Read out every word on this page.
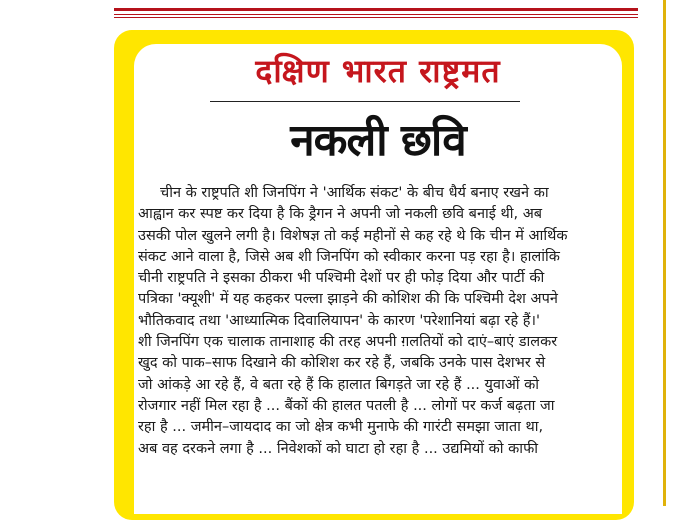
दक्षिण भारत राष्ट्रमत
नकली छवि

चीन के राष्ट्रपति शी जिनपिंग ने 'आर्थिक संकट' के बीच धैर्य बनाए रखने का
आह्वान कर स्पष्ट कर दिया है कि ड्रैगन ने अपनी जो नकली छवि बनाई थी, अब
उसकी पोल खुलने लगी है। विशेषज्ञ तो कई महीनों से कह रहे थे कि चीन में आर्थिक
संकट आने वाला है, जिसे अब शी जिनपिंग को स्वीकार करना पड़ रहा है। हालांकि
चीनी राष्ट्रपति ने इसका ठीकरा भी पश्चिमी देशों पर ही फोड़ दिया और पार्टी की
पत्रिका 'क्यूशी' में यह कहकर पल्ला झाड़ने की कोशिश की कि पश्चिमी देश अपने
भौतिकवाद तथा 'आध्यात्मिक दिवालियापन' के कारण 'परेशानियां बढ़ा रहे हैं।'
शी जिनपिंग एक चालाक तानाशाह की तरह अपनी ग़लतियों को दाएं–बाएं डालकर
खुद को पाक–साफ दिखाने की कोशिश कर रहे हैं, जबकि उनके पास देशभर से
जो आंकड़े आ रहे हैं, वे बता रहे हैं कि हालात बिगड़ते जा रहे हैं ... युवाओं को
रोजगार नहीं मिल रहा है ... बैंकों की हालत पतली है ... लोगों पर कर्ज बढ़ता जा
रहा है ... जमीन–जायदाद का जो क्षेत्र कभी मुनाफे की गारंटी समझा जाता था,
अब वह दरकने लगा है ... निवेशकों को घाटा हो रहा है ... उद्यमियों को काफी
